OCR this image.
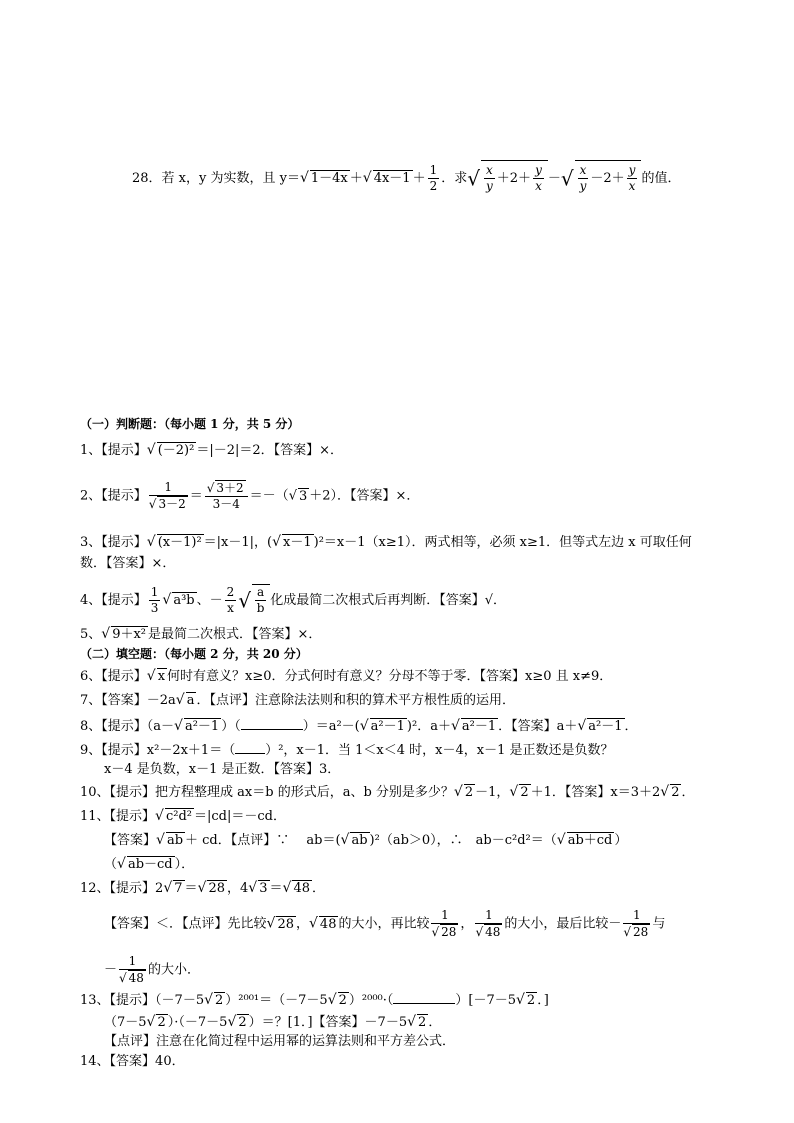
28．若 x，y 为实数，且 y＝√ 1－4x ＋√ $4x-1 + \frac{1}{2}$ ．求√ $\frac{x}{y} +2+ \frac{y}{x}$ －√ $\frac{x}{y} -2+ \frac{y}{x}$ 的值．
（一）判断题：（每小题 1 分，共 5 分）
1、【提示】√ (－2)² ＝|－2|＝2．【答案】×．
2、【提示】 $\frac{1}{√ 3-2} = \frac{√ 3+2}{3-4}$ ＝－（√ 3 ＋2）．【答案】×．
3、【提示】√ (x－1)² ＝|x－1|，(√ x－1 )²＝x－1（x≥1）．两式相等，必须 x≥1．但等式左边 x 可取任何
数．【答案】×．
4、【提示】 $\frac{1}{3}$ √ a³b 、－ $\frac{2}{x}$ √ $\frac{a}{b}$ 化成最简二次根式后再判断．【答案】√．
5、√ 9＋x² 是最简二次根式．【答案】×．
（二）填空题：（每小题 2 分，共 20 分）
6、【提示】√ x 何时有意义？x≥0．分式何时有意义？分母不等于零．【答案】x≥0 且 x≠9．
7、【答案】－2a√ a ．【点评】注意除法法则和积的算术平方根性质的运用．
8、【提示】（a－√ a²－1 ）（	）＝a²－(√ a²－1 )²．a＋√ a²－1 ．【答案】a＋√ a²－1 ．
9、【提示】x²－2x＋1＝（ ）²，x－1．当 1＜x＜4 时，x－4，x－1 是正数还是负数？
x－4 是负数，x－1 是正数．【答案】3．
10、【提示】把方程整理成 ax＝b 的形式后，a、b 分别是多少？√ 2 －1，√ 2 ＋1．【答案】x＝3＋2√ 2 ．
11、【提示】√ c²d² ＝|cd|＝－cd．
【答案】√ ab ＋ cd．【点评】∵　 ab＝(√ ab )²（ab＞0），∴　ab－c²d²＝（√ ab＋cd ）
（√ ab－cd ）．
12、【提示】2√ 7 ＝√ 28 ，4√ 3 ＝√ 48 ．
【答案】＜．【点评】先比较√ 28 ，√ 48 的大小，再比较 $\frac{1}{√ 28}$ ， $\frac{1}{√ 48}$ 的大小，最后比较－ $\frac{1}{√ 28}$ 与
－ $\frac{1}{√ 48}$ 的大小．
13、【提示】（－7－5√ 2 ）²⁰⁰¹＝（－7－5√ 2 ）²⁰⁰⁰·（	）[－7－5√ 2 ．]
（7－5√ 2 ）·（－7－5√ 2 ）＝？[1．]【答案】－7－5√ 2 ．
【点评】注意在化简过程中运用幂的运算法则和平方差公式．
14、【答案】40．
